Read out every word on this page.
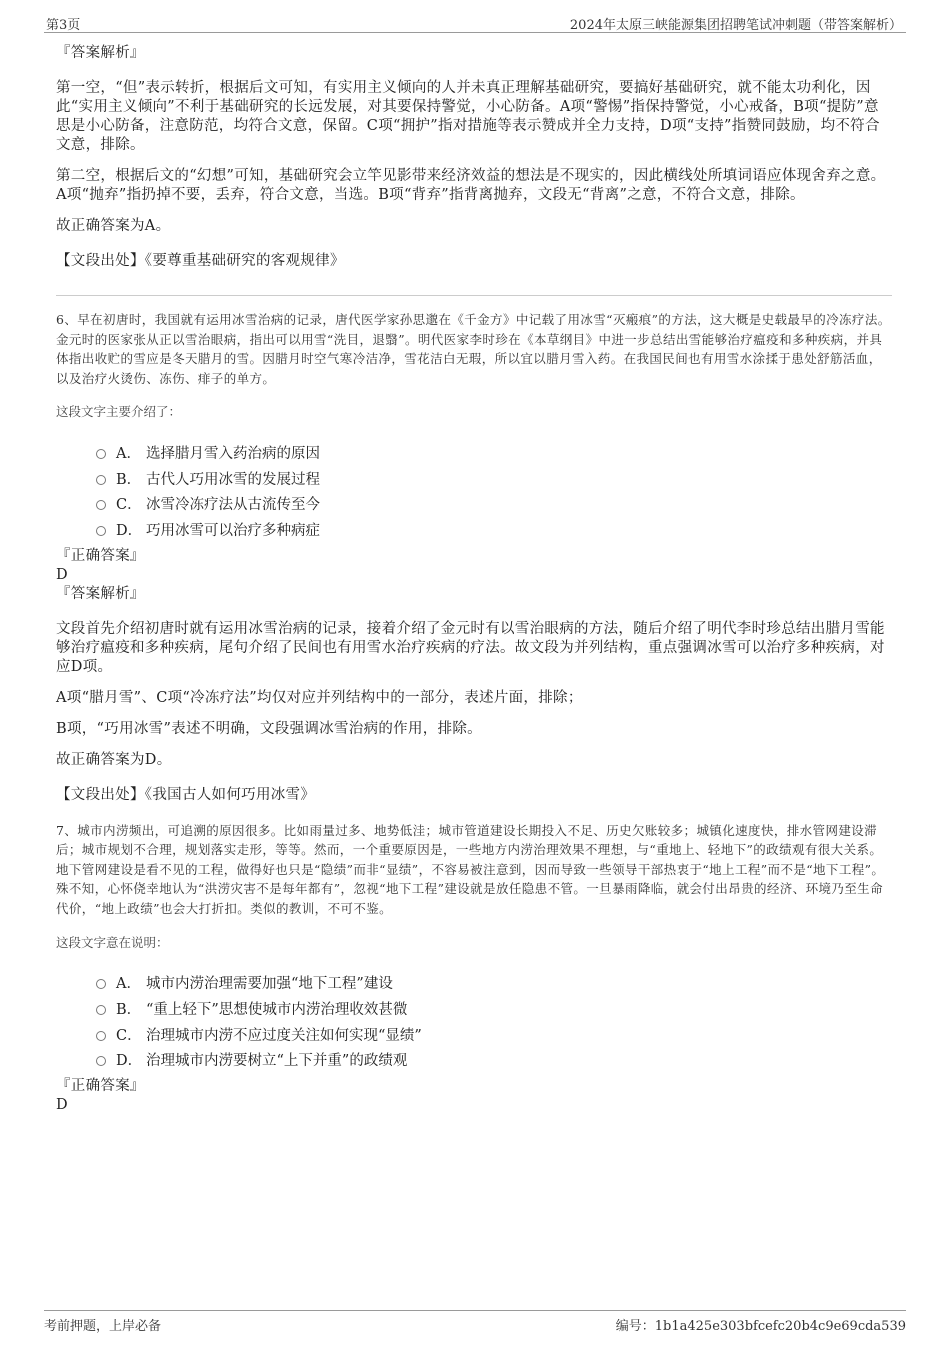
第3页	2024年太原三峡能源集团招聘笔试冲刺题（带答案解析）
『答案解析』
第一空，“但”表示转折，根据后文可知，有实用主义倾向的人并未真正理解基础研究，要搞好基础研究，就不能太功利化，因此“实用主义倾向”不利于基础研究的长远发展，对其要保持警觉，小心防备。A项“警惕”指保持警觉，小心戒备，B项“提防”意思是小心防备，注意防范，均符合文意，保留。C项“拥护”指对措施等表示赞成并全力支持，D项“支持”指赞同鼓励，均不符合文意，排除。
第二空，根据后文的“幻想”可知，基础研究会立竿见影带来经济效益的想法是不现实的，因此横线处所填词语应体现舍弃之意。A项“抛弃”指扔掉不要，丢弃，符合文意，当选。B项“背弃”指背离抛弃，文段无“背离”之意，不符合文意，排除。
故正确答案为A。
【文段出处】《要尊重基础研究的客观规律》
6、早在初唐时，我国就有运用冰雪治病的记录，唐代医学家孙思邈在《千金方》中记载了用冰雪“灭瘢痕”的方法，这大概是史载最早的冷冻疗法。金元时的医家张从正以雪治眼病，指出可以用雪“洗目，退翳”。明代医家李时珍在《本草纲目》中进一步总结出雪能够治疗瘟疫和多种疾病，并具体指出收贮的雪应是冬天腊月的雪。因腊月时空气寒冷洁净，雪花洁白无瑕，所以宜以腊月雪入药。在我国民间也有用雪水涂揉于患处舒筋活血，以及治疗火烫伤、冻伤、痱子的单方。
这段文字主要介绍了：
A． 选择腊月雪入药治病的原因
B． 古代人巧用冰雪的发展过程
C． 冰雪冷冻疗法从古流传至今
D． 巧用冰雪可以治疗多种病症
『正确答案』
D
『答案解析』
文段首先介绍初唐时就有运用冰雪治病的记录，接着介绍了金元时有以雪治眼病的方法，随后介绍了明代李时珍总结出腊月雪能够治疗瘟疫和多种疾病，尾句介绍了民间也有用雪水治疗疾病的疗法。故文段为并列结构，重点强调冰雪可以治疗多种疾病，对应D项。
A项“腊月雪”、C项“冷冻疗法”均仅对应并列结构中的一部分，表述片面，排除；
B项，“巧用冰雪”表述不明确，文段强调冰雪治病的作用，排除。
故正确答案为D。
【文段出处】《我国古人如何巧用冰雪》
7、城市内涝频出，可追溯的原因很多。比如雨量过多、地势低洼；城市管道建设长期投入不足、历史欠账较多；城镇化速度快，排水管网建设滞后；城市规划不合理，规划落实走形，等等。然而，一个重要原因是，一些地方内涝治理效果不理想，与“重地上、轻地下”的政绩观有很大关系。地下管网建设是看不见的工程，做得好也只是“隐绩”而非“显绩”，不容易被注意到，因而导致一些领导干部热衷于“地上工程”而不是“地下工程”。殊不知，心怀侥幸地认为“洪涝灾害不是每年都有”，忽视“地下工程”建设就是放任隐患不管。一旦暴雨降临，就会付出昂贵的经济、环境乃至生命代价，“地上政绩”也会大打折扣。类似的教训，不可不鉴。
这段文字意在说明：
A． 城市内涝治理需要加强“地下工程”建设
B． “重上轻下”思想使城市内涝治理收效甚微
C． 治理城市内涝不应过度关注如何实现“显绩”
D． 治理城市内涝要树立“上下并重”的政绩观
『正确答案』
D
考前押题，上岸必备	编号：1b1a425e303bfcefc20b4c9e69cda539
